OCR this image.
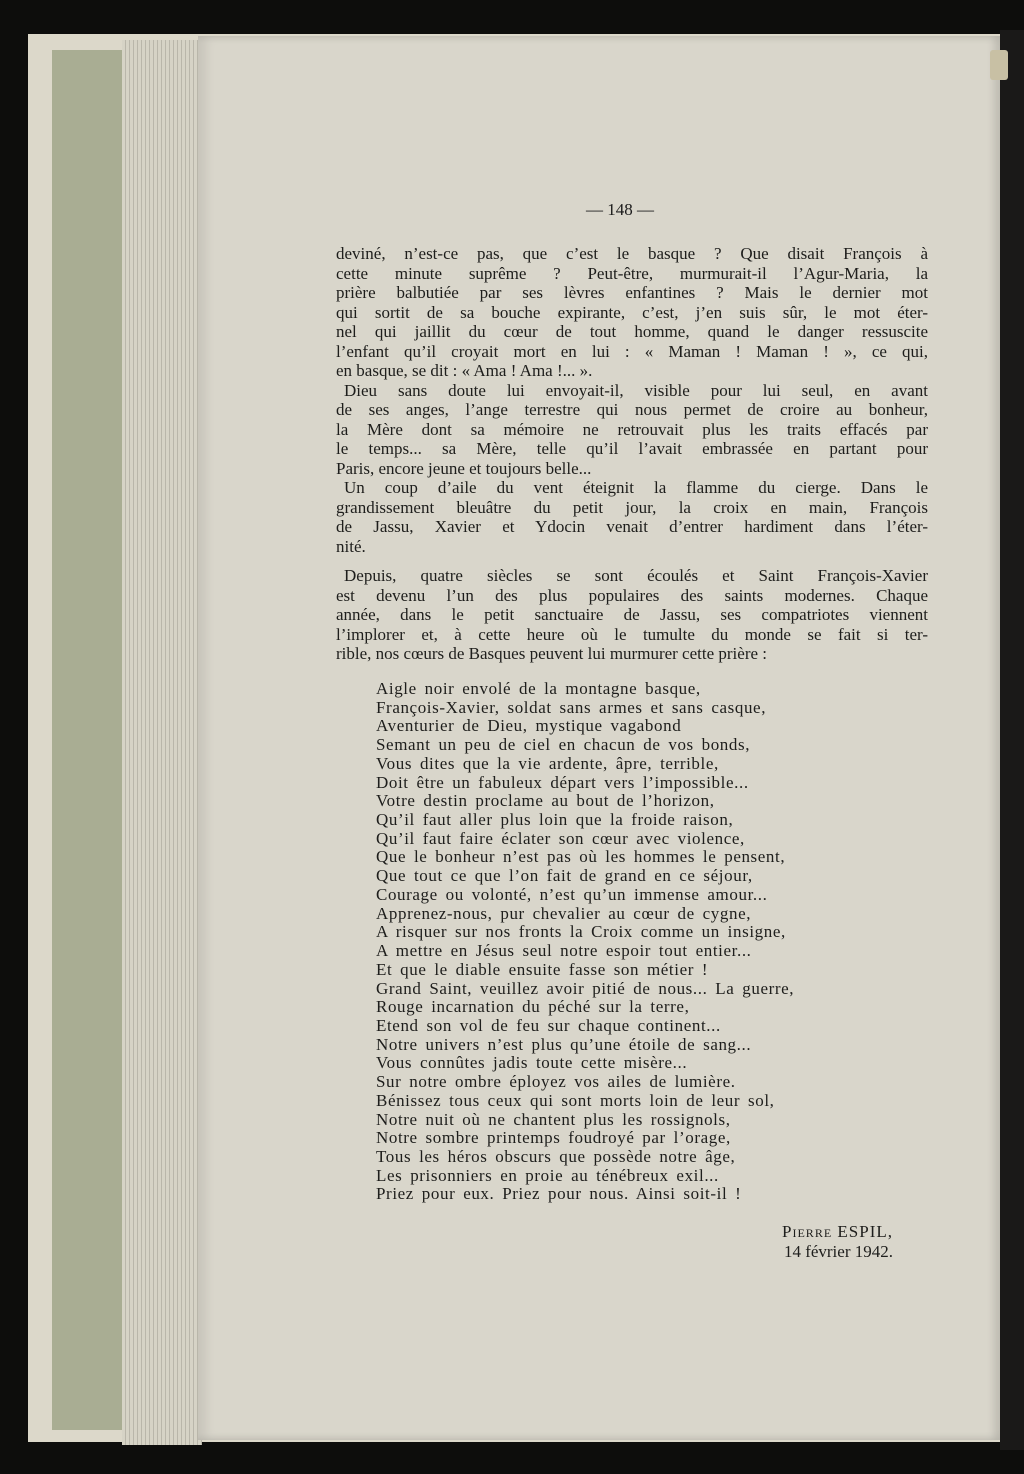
— 148 —
deviné, n’est-ce pas, que c’est le basque ? Que disait François à
cette minute suprême ? Peut-être, murmurait-il l’Agur-Maria, la
prière balbutiée par ses lèvres enfantines ? Mais le dernier mot
qui sortit de sa bouche expirante, c’est, j’en suis sûr, le mot éter-
nel qui jaillit du cœur de tout homme, quand le danger ressuscite
l’enfant qu’il croyait mort en lui : « Maman ! Maman ! », ce qui,
en basque, se dit : « Ama ! Ama !... ».
Dieu sans doute lui envoyait-il, visible pour lui seul, en avant
de ses anges, l’ange terrestre qui nous permet de croire au bonheur,
la Mère dont sa mémoire ne retrouvait plus les traits effacés par
le temps... sa Mère, telle qu’il l’avait embrassée en partant pour
Paris, encore jeune et toujours belle...
Un coup d’aile du vent éteignit la flamme du cierge. Dans le
grandissement bleuâtre du petit jour, la croix en main, François
de Jassu, Xavier et Ydocin venait d’entrer hardiment dans l’éter-
nité.
Depuis, quatre siècles se sont écoulés et Saint François-Xavier
est devenu l’un des plus populaires des saints modernes. Chaque
année, dans le petit sanctuaire de Jassu, ses compatriotes viennent
l’implorer et, à cette heure où le tumulte du monde se fait si ter-
rible, nos cœurs de Basques peuvent lui murmurer cette prière :
Aigle noir envolé de la montagne basque,
François-Xavier, soldat sans armes et sans casque,
Aventurier de Dieu, mystique vagabond
Semant un peu de ciel en chacun de vos bonds,
Vous dites que la vie ardente, âpre, terrible,
Doit être un fabuleux départ vers l’impossible...
Votre destin proclame au bout de l’horizon,
Qu’il faut aller plus loin que la froide raison,
Qu’il faut faire éclater son cœur avec violence,
Que le bonheur n’est pas où les hommes le pensent,
Que tout ce que l’on fait de grand en ce séjour,
Courage ou volonté, n’est qu’un immense amour...
Apprenez-nous, pur chevalier au cœur de cygne,
A risquer sur nos fronts la Croix comme un insigne,
A mettre en Jésus seul notre espoir tout entier...
Et que le diable ensuite fasse son métier !
Grand Saint, veuillez avoir pitié de nous... La guerre,
Rouge incarnation du péché sur la terre,
Etend son vol de feu sur chaque continent...
Notre univers n’est plus qu’une étoile de sang...
Vous connûtes jadis toute cette misère...
Sur notre ombre éployez vos ailes de lumière.
Bénissez tous ceux qui sont morts loin de leur sol,
Notre nuit où ne chantent plus les rossignols,
Notre sombre printemps foudroyé par l’orage,
Tous les héros obscurs que possède notre âge,
Les prisonniers en proie au ténébreux exil...
Priez pour eux. Priez pour nous. Ainsi soit-il !
Pierre ESPIL,
14 février 1942.
